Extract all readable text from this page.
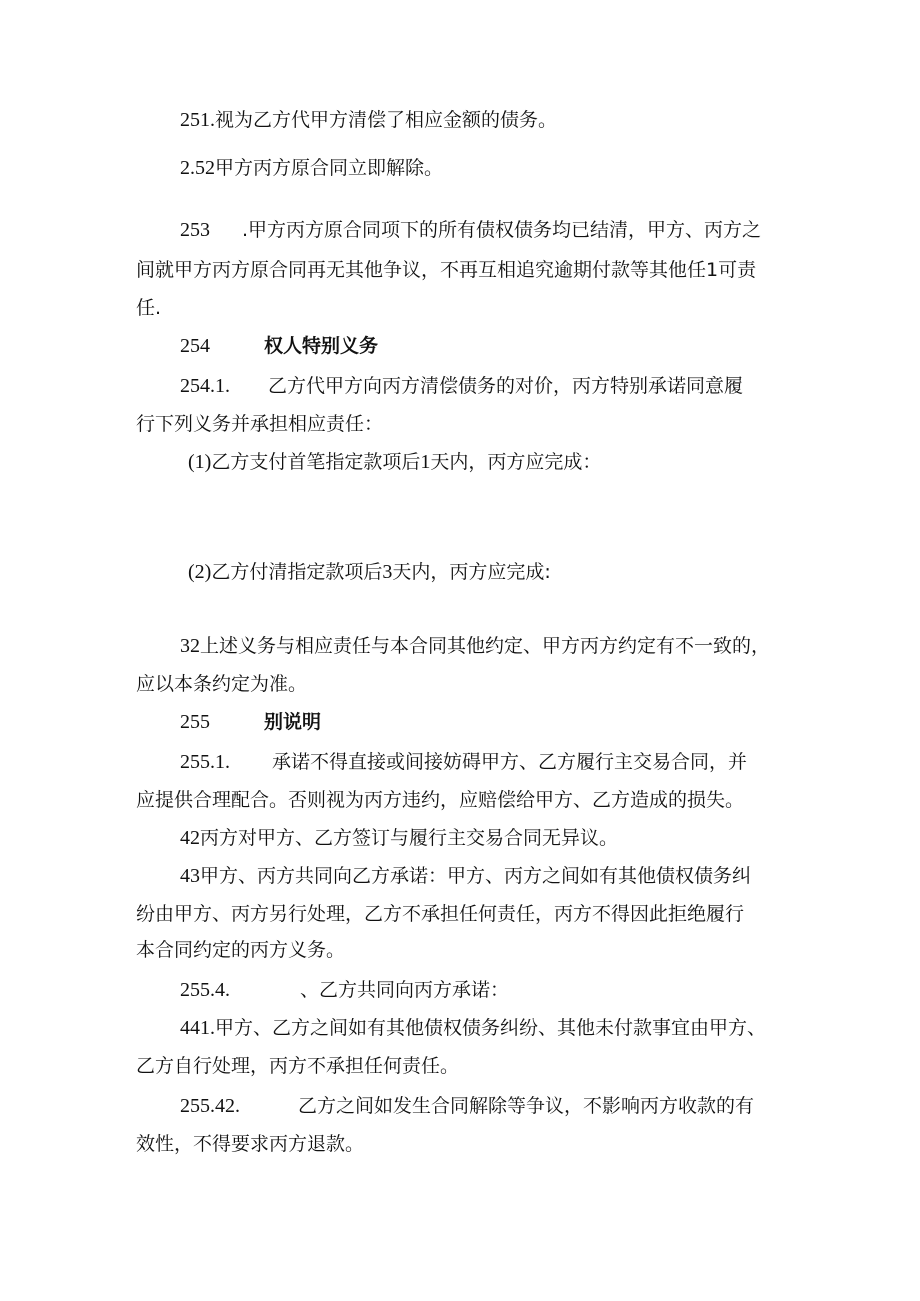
251.视为乙方代甲方清偿了相应金额的债务。
2.52甲方丙方原合同立即解除。
253 .甲方丙方原合同项下的所有债权债务均已结清，甲方、丙方之
间就甲方丙方原合同再无其他争议，不再互相追究逾期付款等其他任1可责
任.
254	权人特别义务
254.1. 乙方代甲方向丙方清偿债务的对价，丙方特别承诺同意履
行下列义务并承担相应责任：
(1)乙方支付首笔指定款项后1天内，丙方应完成：
(2)乙方付清指定款项后3天内，丙方应完成:
32上述义务与相应责任与本合同其他约定、甲方丙方约定有不一致的，
应以本条约定为准。
255	别说明
255.1. 承诺不得直接或间接妨碍甲方、乙方履行主交易合同，并
应提供合理配合。否则视为丙方违约，应赔偿给甲方、乙方造成的损失。
42丙方对甲方、乙方签订与履行主交易合同无异议。
43甲方、丙方共同向乙方承诺：甲方、丙方之间如有其他债权债务纠
纷由甲方、丙方另行处理，乙方不承担任何责任，丙方不得因此拒绝履行
本合同约定的丙方义务。
255.4.	、乙方共同向丙方承诺：
441.甲方、乙方之间如有其他债权债务纠纷、其他未付款事宜由甲方、
乙方自行处理，丙方不承担任何责任。
255.42.	乙方之间如发生合同解除等争议，不影响丙方收款的有
效性，不得要求丙方退款。
